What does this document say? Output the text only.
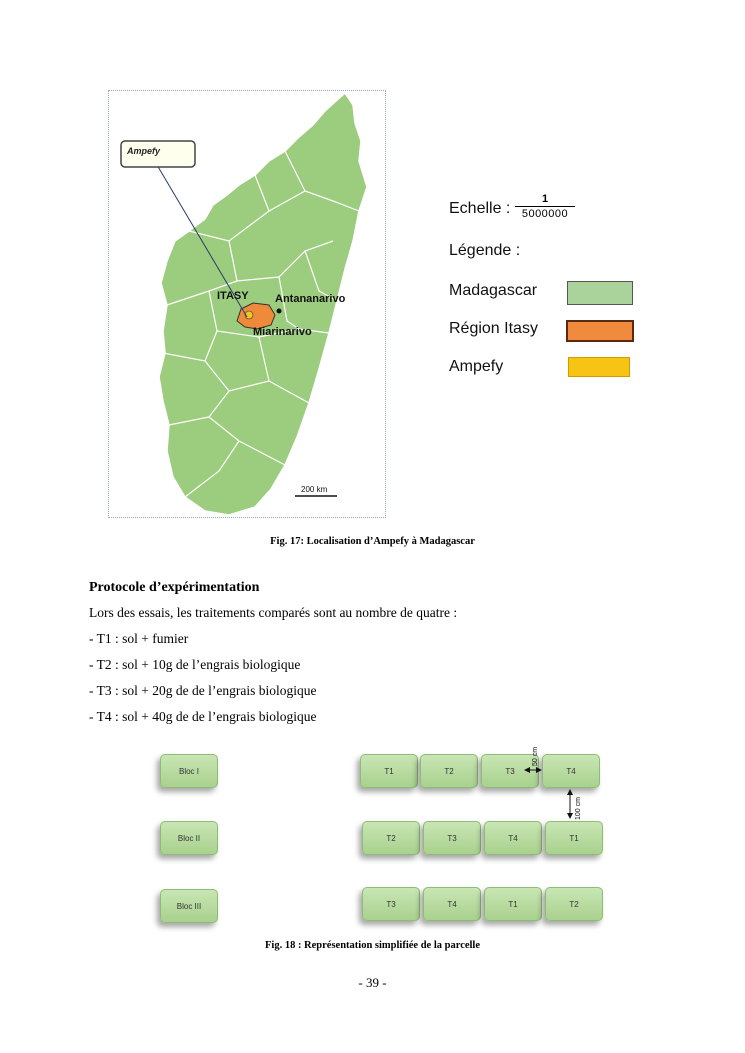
Ampefy
ITASY Antananarivo
Miarinarivo
200 km
Echelle :
1
5000000
Légende :
Madagascar
Région Itasy
Ampefy
Fig. 17: Localisation d’Ampefy à Madagascar
Protocole d’expérimentation
Lors des essais, les traitements comparés sont au nombre de quatre :
- T1 : sol + fumier
- T2 : sol + 10g de l’engrais biologique
- T3 : sol + 20g de de l’engrais biologique
- T4 : sol + 40g de de l’engrais biologique
Bloc I
Bloc II
Bloc III
T1	T2	T3	T4
T2	T3	T4	T1
T3	T4	T1	T2
50 cm
100 cm
Fig. 18 : Représentation simplifiée de la parcelle
- 39 -
